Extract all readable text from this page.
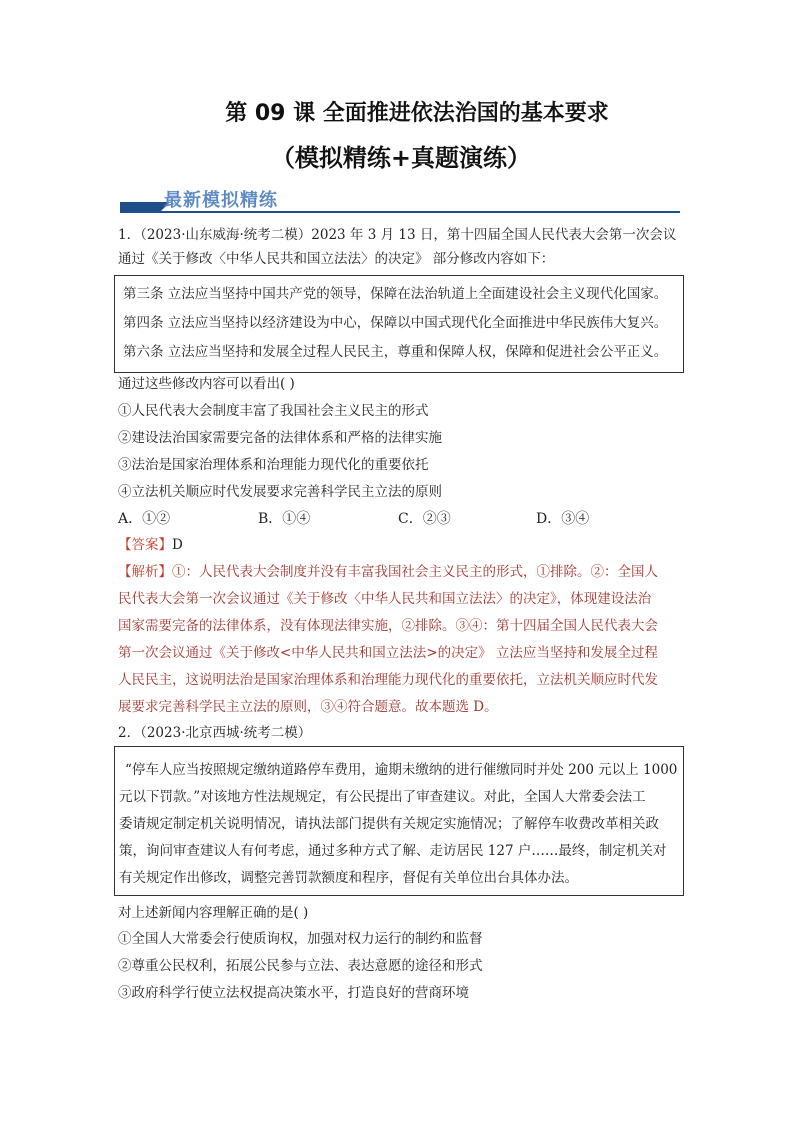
第 09 课 全面推进依法治国的基本要求
（模拟精练+真题演练）
最新模拟精练
1．（2023·山东威海·统考二模）2023 年 3 月 13 日，第十四届全国人民代表大会第一次会议
通过《关于修改〈中华人民共和国立法法〉的决定》 部分修改内容如下：
第三条 立法应当坚持中国共产党的领导，保障在法治轨道上全面建设社会主义现代化国家。
第四条 立法应当坚持以经济建设为中心，保障以中国式现代化全面推进中华民族伟大复兴。
第六条 立法应当坚持和发展全过程人民民主，尊重和保障人权，保障和促进社会公平正义。
通过这些修改内容可以看出( )
①人民代表大会制度丰富了我国社会主义民主的形式
②建设法治国家需要完备的法律体系和严格的法律实施
③法治是国家治理体系和治理能力现代化的重要依托
④立法机关顺应时代发展要求完善科学民主立法的原则
A．①②	B．①④	C．②③	D．③④
【答案】D
【解析】①：人民代表大会制度并没有丰富我国社会主义民主的形式，①排除。②：全国人
民代表大会第一次会议通过《关于修改〈中华人民共和国立法法〉的决定》，体现建设法治
国家需要完备的法律体系，没有体现法律实施，②排除。③④：第十四届全国人民代表大会
第一次会议通过《关于修改<中华人民共和国立法法>的决定》 立法应当坚持和发展全过程
人民民主，这说明法治是国家治理体系和治理能力现代化的重要依托，立法机关顺应时代发
展要求完善科学民主立法的原则，③④符合题意。故本题选 D。
2．（2023·北京西城·统考二模）
“停车人应当按照规定缴纳道路停车费用，逾期未缴纳的进行催缴同时并处 200 元以上 1000
元以下罚款。”对该地方性法规规定，有公民提出了审查建议。对此，全国人大常委会法工
委请规定制定机关说明情况，请执法部门提供有关规定实施情况；了解停车收费改革相关政
策，询问审查建议人有何考虑，通过多种方式了解、走访居民 127 户……最终，制定机关对
有关规定作出修改，调整完善罚款额度和程序，督促有关单位出台具体办法。
对上述新闻内容理解正确的是( )
①全国人大常委会行使质询权，加强对权力运行的制约和监督
②尊重公民权利，拓展公民参与立法、表达意愿的途径和形式
③政府科学行使立法权提高决策水平，打造良好的营商环境
